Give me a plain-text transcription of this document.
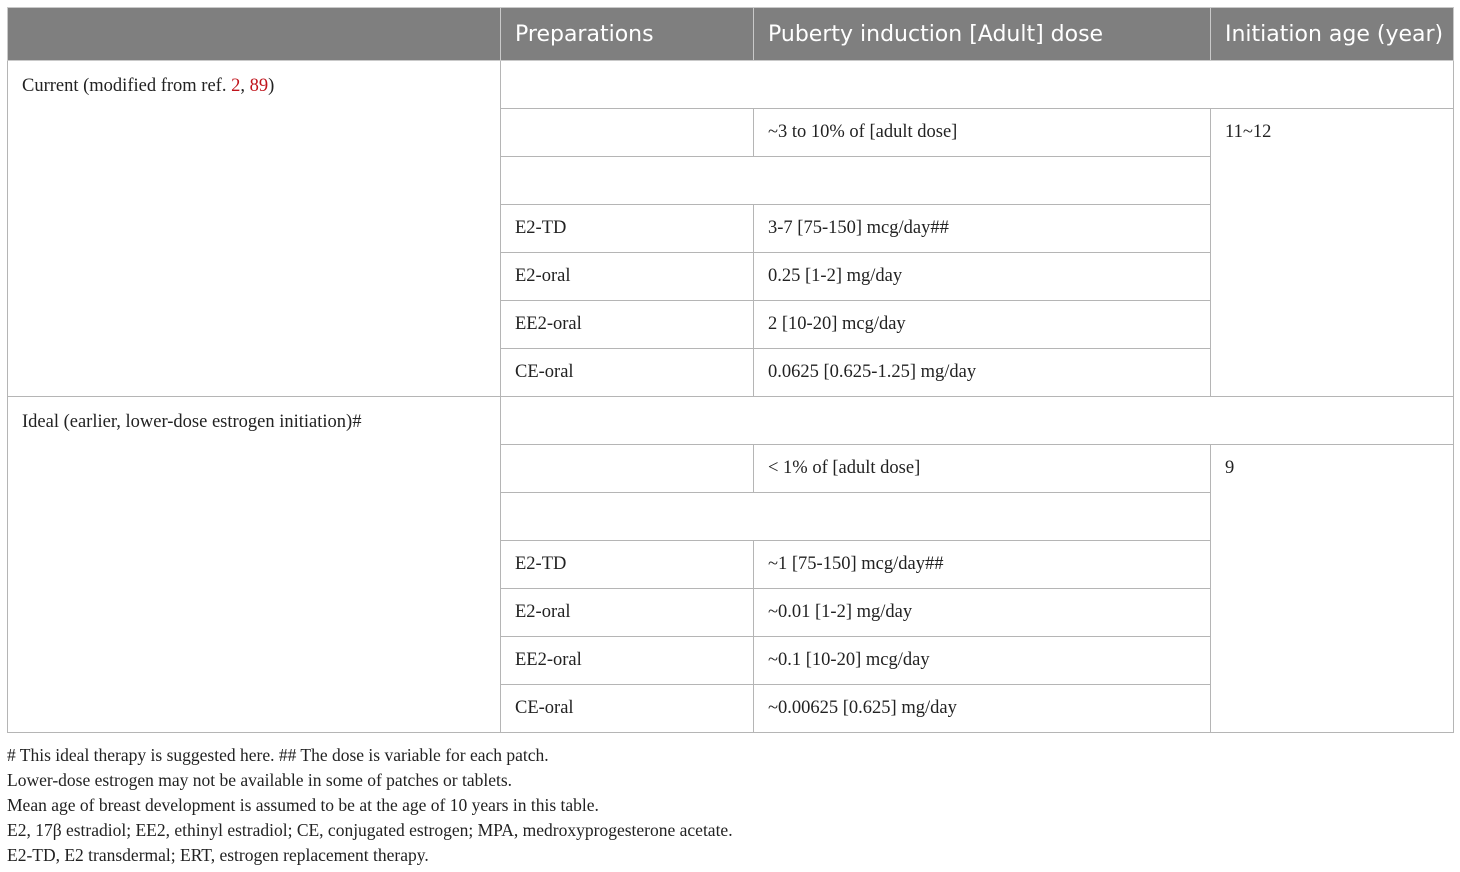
	Preparations	Puberty induction [Adult] dose	Initiation age (year)
Current (modified from ref. 2, 89)			
		~3 to 10% of [adult dose]	11~12

	E2-TD	3-7 [75-150] mcg/day##	
	E2-oral	0.25 [1-2] mg/day	
	EE2-oral	2 [10-20] mcg/day	
	CE-oral	0.0625 [0.625-1.25] mg/day	
Ideal (earlier, lower-dose estrogen initiation)#			
		< 1% of [adult dose]	9

	E2-TD	~1 [75-150] mcg/day##	
	E2-oral	~0.01 [1-2] mg/day	
	EE2-oral	~0.1 [10-20] mcg/day	
	CE-oral	~0.00625 [0.625] mg/day	
# This ideal therapy is suggested here. ## The dose is variable for each patch.
Lower-dose estrogen may not be available in some of patches or tablets.
Mean age of breast development is assumed to be at the age of 10 years in this table.
E2, 17β estradiol; EE2, ethinyl estradiol; CE, conjugated estrogen; MPA, medroxyprogesterone acetate.
E2-TD, E2 transdermal; ERT, estrogen replacement therapy.
